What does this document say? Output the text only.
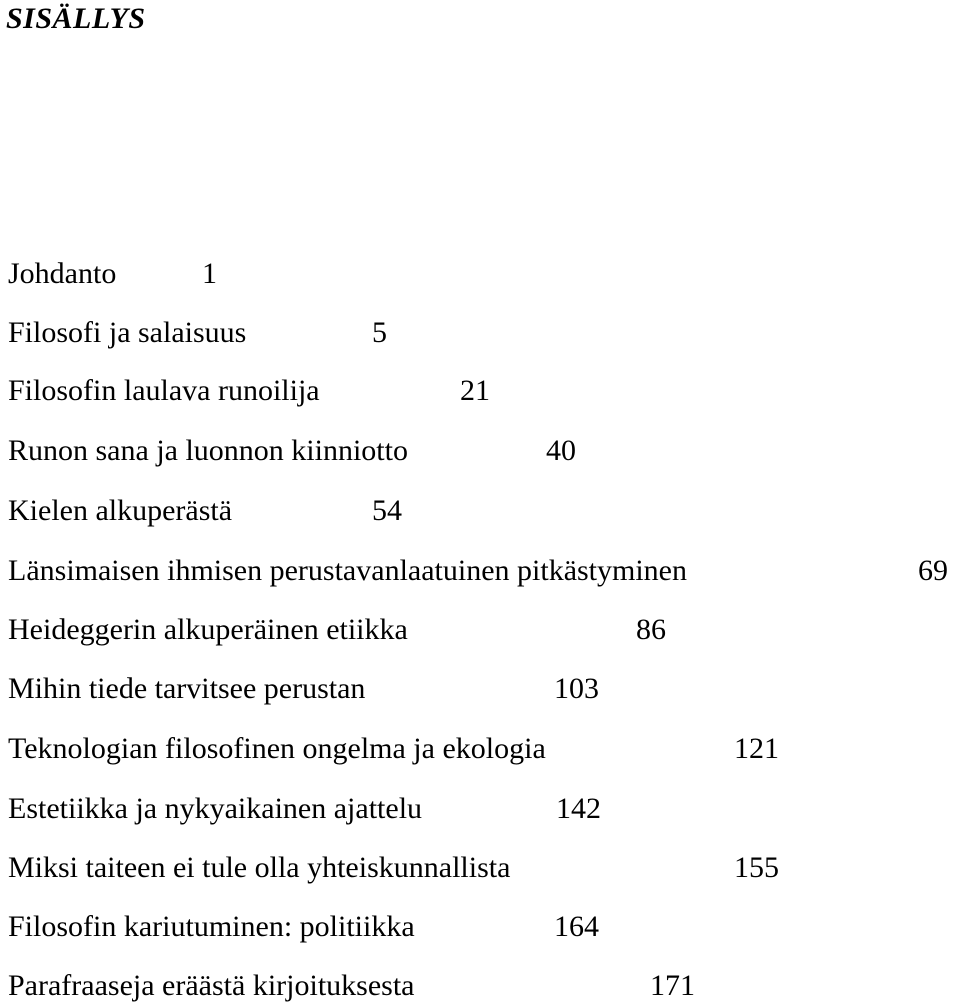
SISÄLLYS
Johdanto	1
Filosofi ja salaisuus	5
Filosofin laulava runoilija	21
Runon sana ja luonnon kiinniotto	40
Kielen alkuperästä	54
Länsimaisen ihmisen perustavanlaatuinen pitkästyminen	69
Heideggerin alkuperäinen etiikka	86
Mihin tiede tarvitsee perustan	103
Teknologian filosofinen ongelma ja ekologia	121
Estetiikka ja nykyaikainen ajattelu	142
Miksi taiteen ei tule olla yhteiskunnallista	155
Filosofin kariutuminen: politiikka	164
Parafraaseja eräästä kirjoituksesta	171
